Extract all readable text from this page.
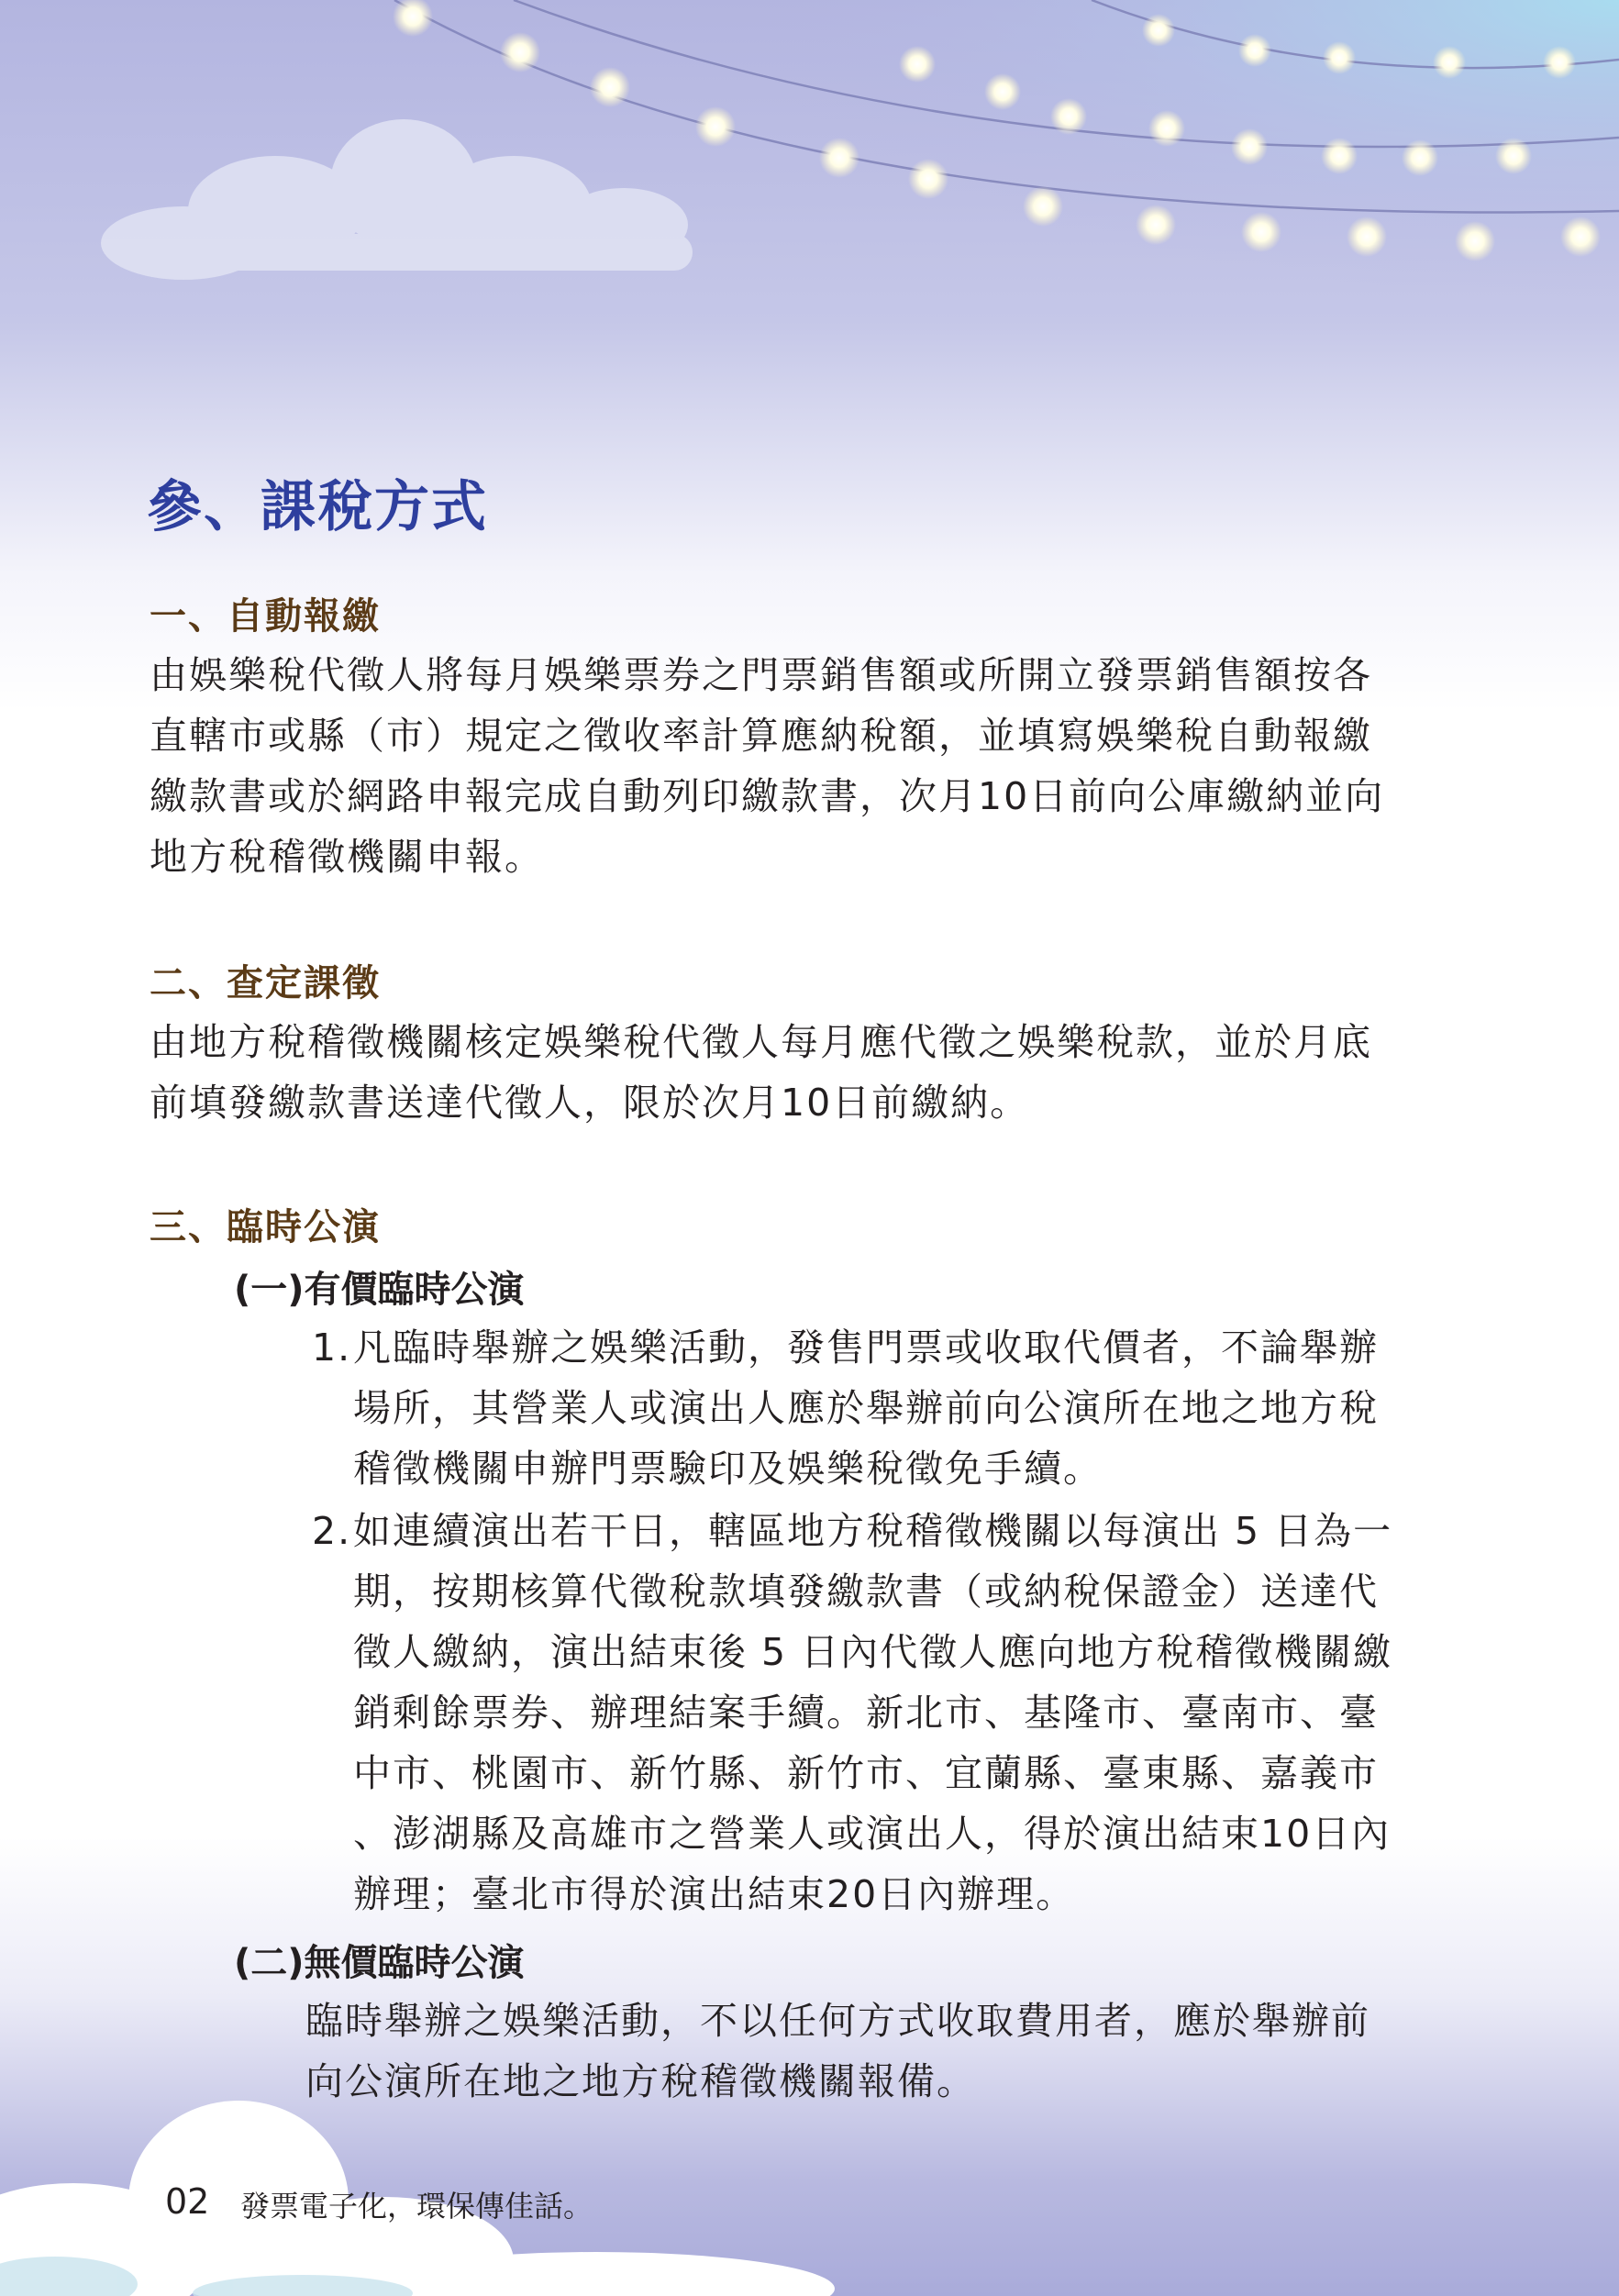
參、課稅方式
一、自動報繳
由娛樂稅代徵人將每月娛樂票券之門票銷售額或所開立發票銷售額按各
直轄市或縣（市）規定之徵收率計算應納稅額，並填寫娛樂稅自動報繳
繳款書或於網路申報完成自動列印繳款書，次月10日前向公庫繳納並向
地方稅稽徵機關申報。
二、查定課徵
由地方稅稽徵機關核定娛樂稅代徵人每月應代徵之娛樂稅款，並於月底
前填發繳款書送達代徵人，限於次月10日前繳納。
三、臨時公演
(一)有價臨時公演
1. 凡臨時舉辦之娛樂活動，發售門票或收取代價者，不論舉辦
場所，其營業人或演出人應於舉辦前向公演所在地之地方稅
稽徵機關申辦門票驗印及娛樂稅徵免手續。
2. 如連續演出若干日，轄區地方稅稽徵機關以每演出 5 日為一
期，按期核算代徵稅款填發繳款書（或納稅保證金）送達代
徵人繳納，演出結束後 5 日內代徵人應向地方稅稽徵機關繳
銷剩餘票券、辦理結案手續。新北市、基隆市、臺南市、臺
中市、桃園市、新竹縣、新竹市、宜蘭縣、臺東縣、嘉義市
、澎湖縣及高雄市之營業人或演出人，得於演出結束10日內
辦理；臺北市得於演出結束20日內辦理。
(二)無價臨時公演
臨時舉辦之娛樂活動，不以任何方式收取費用者，應於舉辦前
向公演所在地之地方稅稽徵機關報備。
02 發票電子化，環保傳佳話。
